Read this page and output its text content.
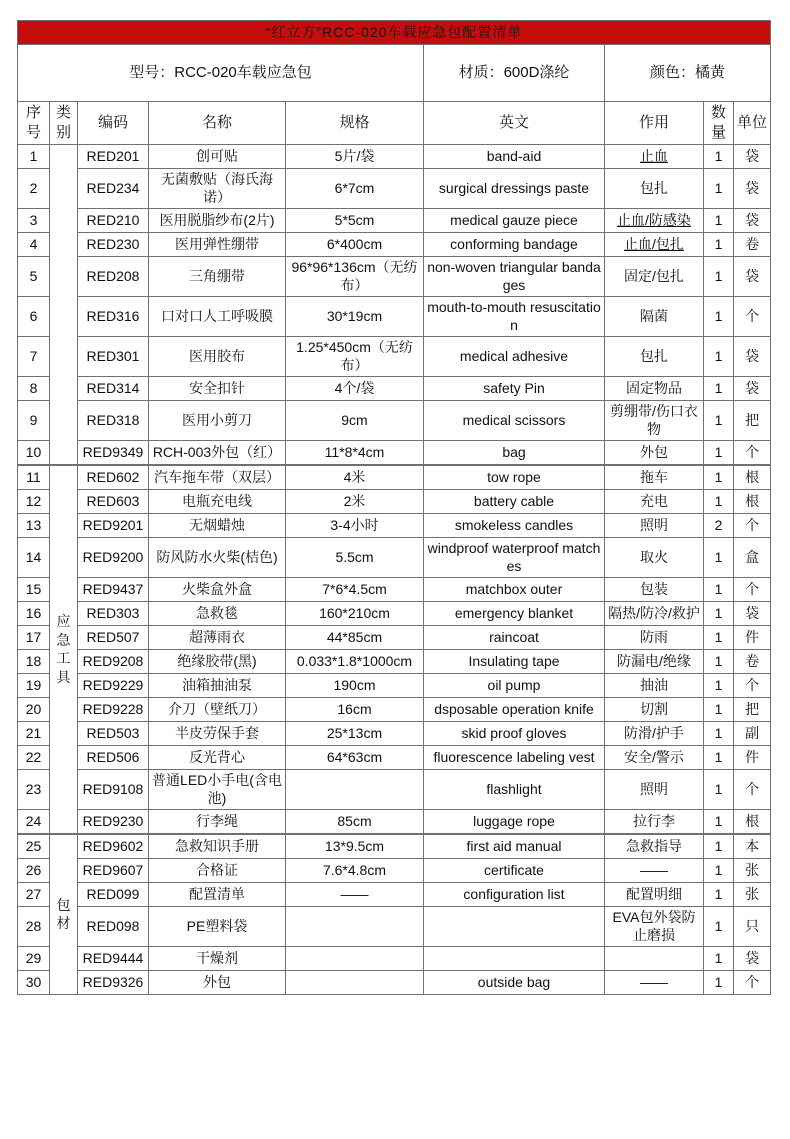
“红立方”RCC-020车载应急包配置清单								
型号：RCC-020车载应急包					材质：600D涤纶	颜色：橘黄		
序号	类别	编码	名称	规格	英文	作用	数量	单位
1		RED201	创可贴	5片/袋	band-aid	止血	1	袋
2		RED234	无菌敷贴（海氏海诺）	6*7cm	surgical dressings paste	包扎	1	袋
3		RED210	医用脱脂纱布(2片)	5*5cm	medical gauze piece	止血/防感染	1	袋
4		RED230	医用弹性绷带	6*400cm	conforming bandage	止血/包扎	1	卷
5		RED208	三角绷带	96*96*136cm（无纺布）	non-woven triangular bandages	固定/包扎	1	袋
6		RED316	口对口人工呼吸膜	30*19cm	mouth-to-mouth resuscitation	隔菌	1	个
7		RED301	医用胶布	1.25*450cm（无纺布）	medical adhesive	包扎	1	袋
8		RED314	安全扣针	4个/袋	safety Pin	固定物品	1	袋
9		RED318	医用小剪刀	9cm	medical scissors	剪绷带/伤口衣物	1	把
10		RED9349	RCH-003外包（红）	11*8*4cm	bag	外包	1	个
11	应急工具	RED602	汽车拖车带（双层）	4米	tow rope	拖车	1	根
12		RED603	电瓶充电线	2米	battery cable	充电	1	根
13		RED9201	无烟蜡烛	3-4小时	smokeless candles	照明	2	个
14		RED9200	防风防水火柴(桔色)	5.5cm	windproof waterproof matches	取火	1	盒
15		RED9437	火柴盒外盒	7*6*4.5cm	matchbox outer	包装	1	个
16		RED303	急救毯	160*210cm	emergency blanket	隔热/防冷/救护	1	袋
17		RED507	超薄雨衣	44*85cm	raincoat	防雨	1	件
18		RED9208	绝缘胶带(黑)	0.033*1.8*1000cm	Insulating tape	防漏电/绝缘	1	卷
19		RED9229	油箱抽油泵	190cm	oil pump	抽油	1	个
20		RED9228	介刀（壁纸刀）	16cm	dsposable operation knife	切割	1	把
21		RED503	半皮劳保手套	25*13cm	skid proof gloves	防滑/护手	1	副
22		RED506	反光背心	64*63cm	fluorescence labeling vest	安全/警示	1	件
23		RED9108	普通LED小手电(含电池)		flashlight	照明	1	个
24		RED9230	行李绳	85cm	luggage rope	拉行李	1	根
25	包材	RED9602	急救知识手册	13*9.5cm	first aid manual	急救指导	1	本
26		RED9607	合格证	7.6*4.8cm	certificate	——	1	张
27		RED099	配置清单	——	configuration list	配置明细	1	张
28		RED098	PE塑料袋			EVA包外袋防止磨损	1	只
29		RED9444	干燥剂				1	袋
30		RED9326	外包		outside bag	——	1	个
